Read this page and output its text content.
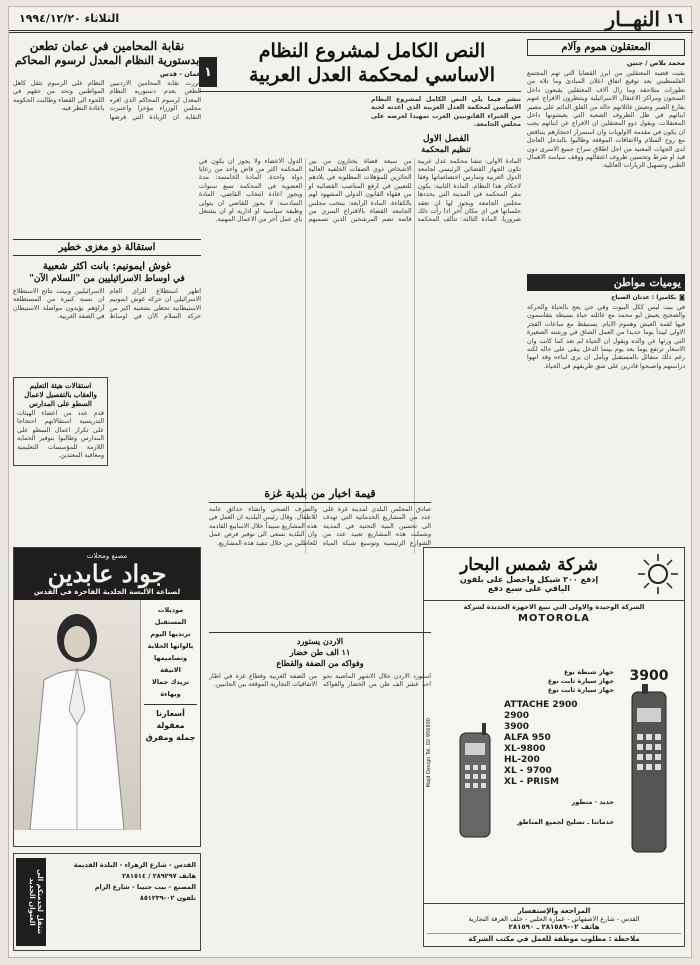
١٦
النهــار
الثلاثاء ١٩٩٤/١٢/٢٠
المعتقلون هموم وآلام
محمد بلاص / جنين
بقيت قضية المعتقلين من ابرز القضايا التي تهم المجتمع الفلسطيني بعد توقيع اتفاق اعلان المبادئ وما تلاه من تطورات متلاحقة وما زال آلاف المعتقلين يقبعون داخل السجون ومراكز الاعتقال الاسرائيلية وينتظرون الافراج عنهم بفارغ الصبر وتعيش عائلاتهم حالة من القلق الدائم على مصير ابنائهم في ظل الظروف الصعبة التي يعيشونها داخل المعتقلات. ويقول ذوو المعتقلين ان الافراج عن ابنائهم يجب ان يكون في مقدمة الاولويات وان استمرار احتجازهم يتناقض مع روح السلام والاتفاقات الموقعة وطالبوا بالتدخل العاجل لدى الجهات المعنية من اجل اطلاق سراح جميع الاسرى دون قيد او شرط وتحسين ظروف اعتقالهم ووقف سياسة الاهمال الطبي وتسهيل الزيارات العائلية.
يوميات مواطن
◙
بكاميرا : عدنان الصياح
في بيت ليس ككل البيوت وفي حي يعج بالحياة والحركة والضجيج يعيش ابو محمد مع عائلته حياة بسيطة يتقاسمون فيها لقمة العيش وهموم الايام. يستيقظ مع ساعات الفجر الاولى ليبدأ يوما جديدا من العمل الشاق في ورشته الصغيرة التي ورثها عن والده ويقول ان الحياة لم تعد كما كانت وان الاسعار ترتفع يوما بعد يوم بينما الدخل يبقى على حاله لكنه رغم ذلك متفائل بالمستقبل ويأمل ان يرى ابناءه وقد انهوا دراستهم واصبحوا قادرين على شق طريقهم في الحياة.
النص الكامل لمشروع النظام
الاساسي لمحكمة العدل العربية
١
ننشر فيما يلي النص الكامل لمشروع النظام الاساسي لمحكمة العدل العربية الذي اعدته لجنة من الخبراء القانونيين العرب تمهيدا لعرضه على مجلس الجامعة.
الفصل الاول
تنظيم المحكمة
المادة الاولى: تنشأ محكمة عدل عربية تكون الجهاز القضائي الرئيسي لجامعة الدول العربية وتمارس اختصاصاتها وفقا لاحكام هذا النظام. المادة الثانية: يكون مقر المحكمة في المدينة التي يحددها مجلس الجامعة ويجوز لها ان تعقد جلساتها في اي مكان آخر اذا رأت ذلك ضروريا. المادة الثالثة: تتألف المحكمة من سبعة قضاة يختارون من بين الاشخاص ذوي الصفات الخلقية العالية الحائزين للمؤهلات المطلوبة في بلادهم للتعيين في ارفع المناصب القضائية او من فقهاء القانون الدولي المشهود لهم بالكفاءة. المادة الرابعة: ينتخب مجلس الجامعة القضاة بالاقتراع السري من قائمة تضم المرشحين الذين تسميهم الدول الاعضاء ولا يجوز ان يكون في المحكمة اكثر من قاض واحد من رعايا دولة واحدة. المادة الخامسة: مدة العضوية في المحكمة تسع سنوات ويجوز اعادة انتخاب القاضي. المادة السادسة: لا يجوز للقاضي ان يتولى وظيفة سياسية او ادارية او ان يشتغل باي عمل آخر من الاعمال المهنية.
نقابة المحامين في عمان تطعن
بدستورية النظام المعدل لرسوم المحاكم
عمان - قدس
قررت نقابة المحامين الاردنيين الطعن بعدم دستورية النظام المعدل لرسوم المحاكم الذي اقره مجلس الوزراء مؤخرا واعتبرت النقابة ان الزيادة التي فرضها النظام على الرسوم تثقل كاهل المواطنين وتحد من حقهم في اللجوء الى القضاء وطالبت الحكومة باعادة النظر فيه.
استقالة ذو مغزى خطير
غوش ايمونيم: بانت اكثر شعبية
في اوساط الاسرائيليين من "السلام الآن"
اظهر استطلاع للرأي العام الاسرائيلي ان حركة غوش ايمونيم الاستيطانية تحظى بشعبية اكبر من حركة السلام الآن في اوساط الاسرائيليين وبينت نتائج الاستطلاع ان نسبة كبيرة من المستطلعة آراؤهم يؤيدون مواصلة الاستيطان في الضفة الغربية.
استقالات هيئة التعليم
والعقاب بالتفصيل لاعمال
السطو على المدارس
قدم عدد من اعضاء الهيئات التدريسية استقالاتهم احتجاجا على تكرار اعمال السطو على المدارس وطالبوا بتوفير الحماية اللازمة للمؤسسات التعليمية ومعاقبة المعتدين.
قيمة اخبار من بلدية غزة
صادق المجلس البلدي لمدينة غزة على عدد من المشاريع الخدماتية التي تهدف الى تحسين البنية التحتية في المدينة وشملت هذه المشاريع تعبيد عدد من الشوارع الرئيسية وتوسيع شبكة المياه والصرف الصحي وانشاء حدائق عامة للاطفال. وقال رئيس البلدية ان العمل في هذه المشاريع سيبدأ خلال الاسابيع القادمة وان البلدية تسعى الى توفير فرص عمل للعاطلين من خلال تنفيذ هذه المشاريع.
شركة شمس البحار
إدفع ٢٠٠ شيكل واحصل على بلفون
الباقي على سبع دفع
الشركة الوحيدة والاولى التي تبيع الاجهزة الجديدة لشركة
MOTOROLA
3900
جهاز شنطة نوع
جهاز سيارة ثابت نوع
جهاز سيارة ثابت نوع
ATTACHE 2900
2900
3900
ALFA 950
XL-9800
HL-200
XL - 9700
XL - PRISM
جديد · متطور
خدماتنا ـ تصليح لجميع المناطق
المراجعة والإستفسار
القدس - شارع الاصفهاني - عمارة الحلبي - خلف الغرفة التجارية
هاتف ٠٢-٢٨١٥٨٩ ـ ٢٨١٥٩٠
ملاحظة : مطلوب موظفة للعمل في مكتب الشركة
Majd Design Tel. 02-956930
الاردن يستورد
١١ الف طن خضار
وفواكه من الضفة والقطاع
استورد الاردن خلال الاشهر الماضية نحو احد عشر الف طن من الخضار والفواكه من الضفة الغربية وقطاع غزة في اطار الاتفاقيات التجارية الموقعة بين الجانبين.
مصنع ومحلات
جواد عابدين
لصناعة الألبسة الجلدية الفاخرة في القدس
موديلات المستقبل
ترتديها اليوم
بالوانها الخلابة
وتصاميمها الانيقة
تزيدك جمالا وبهاءة
أسعارنا معقولة
جملة ومفرق
ننتقل لخدمتكم الى العنوان الجديد
القدس - شارع الزهراء - البلدة القديمة
هاتف ٢٨٩٢٩٧ / ٢٨١٥١٤
المصنع - بيت حنينا - شارع الرام
تلفون ٠٢-٨٥١٢٣٩
